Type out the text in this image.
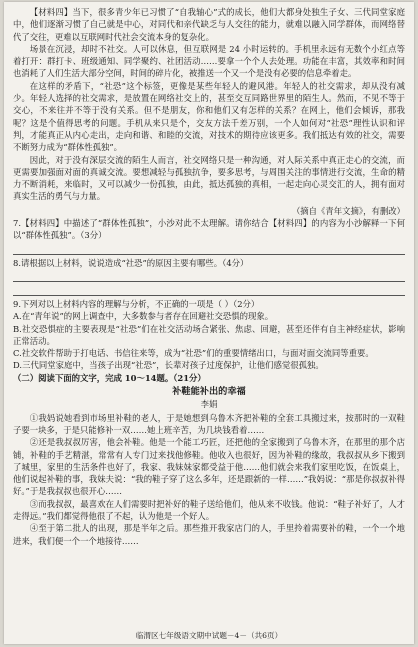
【材料四】当下，很多青少年已习惯了“自我轴心”式的成长，他们大都身处独生子女、三代同堂家庭中，他们逐渐习惯了自己就是中心，对同代和亲代缺乏与人交往的能力，就难以融入同学群体，而网络替代了交往，更难以互联网时代社会交流本身的复杂化。

场景在沉浸，却时不社交。人可以休息，但互联网是 24 小时运转的。手机里永远有无数个小红点等着打开：群打卡、班级通知、同学聚约、社团活动……要拿一个个人去处理。功能在丰富，其效率和时间也消耗了人们生活大部分空间，时间的碎片化，被推送一个又一个是没有必要的信息牵着走。

在这样的矛盾下，“社恐”这个标签，更像是某些年轻人的避风港。年轻人的社交需求，却从没有减少。年轻人选择的社交需求，是放置在网络社交上的，甚至交互同路世界里的陌生人。然而，不见不等于交心，不来往并不等于没有关系。但不是朋友，你和他们又有怎样的关系？在网上，他们会倾诉，那我呢？这是个值得思考的问题。手机从来只是个，交友方法千差万别，一个人如何对“社恐”理性认识和评判，才能真正从内心走出，走向和谐、和睦的交流，对技术的期待应该更多。我们抵达有效的社交，需要不断努力成为“群体性孤独”。

因此，对于没有深层交流的陌生人而言，社交网络只是一种沟通，对人际关系中真正走心的交流，而更需要加强面对面的真诚交流。要想减轻与孤独抗争，要多思考，与周围关注的事情进行交流，生命的精力不断消耗，来临时，又可以减少一份孤独，由此，抵达孤独的真相，一起走向心灵交汇的人，拥有面对真实生活的勇气与力量。

（摘自《青年文摘》，有删改）

7.【材料四】中描述了“群体性孤独”，小沙对此不太理解。请你结合【材料四】的内容为小沙解释一下何以“群体性孤独”。（3分）

8.请根据以上材料，说说造成“社恐”的原因主要有哪些。（4分）

9.下列对以上材料内容的理解与分析，不正确的一项是（ ）（2分）

A.在“青年说”的网上调查中，大多数参与者存在回避社交恐惧的现象。

B.社交恐惧症的主要表现是“社恐”们在社交活动场合紧张、焦虑、回避，甚至还伴有自主神经症状，影响正常活动。

C.社交软件帮助于打电话、书信往来等，成为“社恐”们的重要情绪出口，与面对面交流同等重要。

D.三代同堂家庭中，当孩子出现“社恐”，长辈对孩子过度保护，让他们感觉很孤独。

（二）阅读下面的文字，完成 10～14题。（21分）

补鞋能补出的幸福

李娟

①我妈说她看到市场里补鞋的老人，于是她想到乌鲁木齐把补鞋的全套工具搬过来，按那时的一双鞋子要一块多，于是只能修补一双……她上班辛苦，为几块钱看着……

②还是我叔叔厉害，他会补鞋。他是一个能工巧匠，还把他的全家搬到了乌鲁木齐，在那里的那个店铺，补鞋的手艺精湛，常常有人专门过来找他修鞋。他收入也很好，因为补鞋的缘故，我叔叔从乡下搬到了城里，家里的生活条件也好了，我家、我妹妹家都受益于他……他们就会来我们家里吃饭，在饭桌上，他们说起补鞋的事，我妹夫说：“我的鞋子穿了这么多年，还是跟新的一样……”我妈说：“那是你叔叔补得好。”于是我叔叔也很开心……

③而我叔叔，最喜欢在人们需要时把补好的鞋子送给他们，他从来不收钱。他说：“鞋子补好了，人才走得远。”我们都觉得他很了不起，认为他是一个好人。

④至于第二批人的出现，那是半年之后。那些推开我家店门的人，手里拎着需要补的鞋，一个一个地进来，我们便一个一个地接待……

临渭区七年级语文期中试题－4－（共6页）
